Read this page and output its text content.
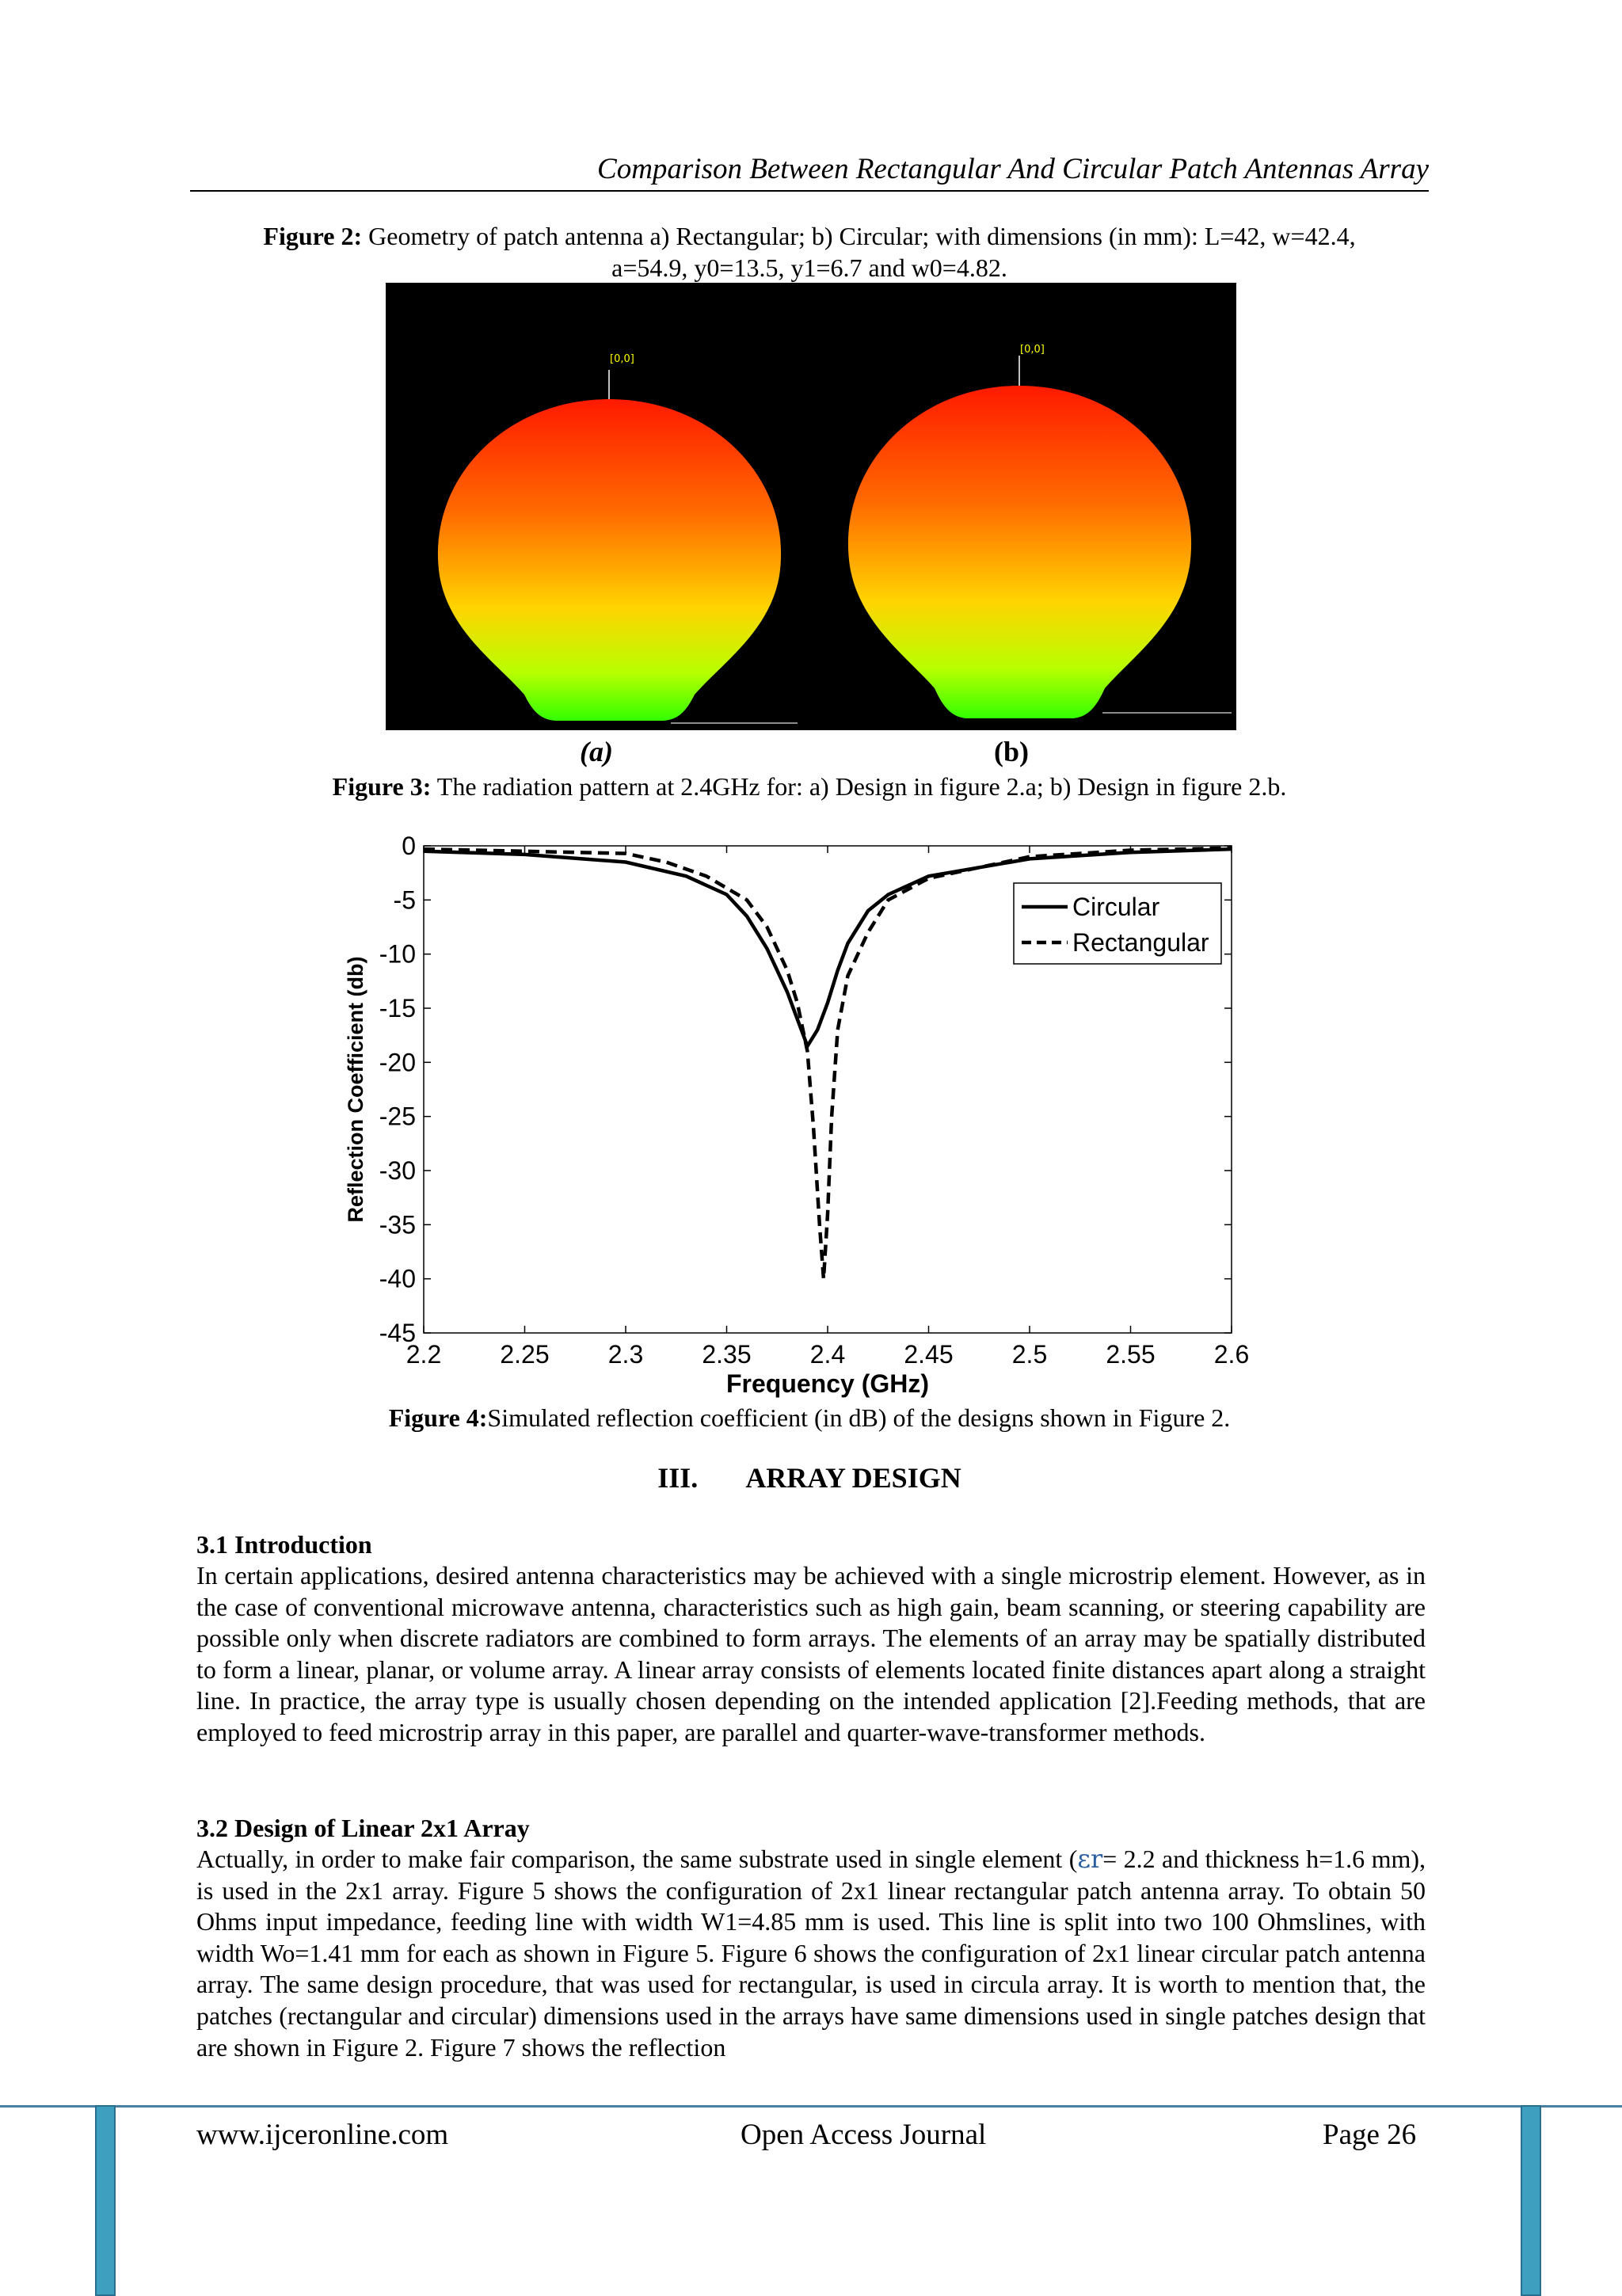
Comparison Between Rectangular And Circular Patch Antennas Array
Figure 2: Geometry of patch antenna a) Rectangular; b) Circular; with dimensions (in mm): L=42, w=42.4,
a=54.9, y0=13.5, y1=6.7 and w0=4.82.
[0,0]
[0,0]
(a)	(b)
Figure 3: The radiation pattern at 2.4GHz for: a) Design in figure 2.a; b) Design in figure 2.b.
2.2 2.25 2.3 2.35 2.4 2.45 2.5 2.55 2.6
0
-5
-10
-15
-20
-25
-30
-35
-40
-45
Frequency (GHz)
Reflection Coefficient (db)
Circular
Rectangular
Figure 4:Simulated reflection coefficient (in dB) of the designs shown in Figure 2.
III. ARRAY DESIGN
3.1 Introduction
In certain applications, desired antenna characteristics may be achieved with a single microstrip element. However, as in the case of conventional microwave antenna, characteristics such as high gain, beam scanning, or steering capability are possible only when discrete radiators are combined to form arrays. The elements of an array may be spatially distributed to form a linear, planar, or volume array. A linear array consists of elements located finite distances apart along a straight line. In practice, the array type is usually chosen depending on the intended application [2].Feeding methods, that are employed to feed microstrip array in this paper, are parallel and quarter-wave-transformer methods.
3.2 Design of Linear 2x1 Array
Actually, in order to make fair comparison, the same substrate used in single element (εr= 2.2 and thickness h=1.6 mm), is used in the 2x1 array. Figure 5 shows the configuration of 2x1 linear rectangular patch antenna array. To obtain 50 Ohms input impedance, feeding line with width W1=4.85 mm is used. This line is split into two 100 Ohmslines, with width Wo=1.41 mm for each as shown in Figure 5. Figure 6 shows the configuration of 2x1 linear circular patch antenna array. The same design procedure, that was used for rectangular, is used in circula array. It is worth to mention that, the patches (rectangular and circular) dimensions used in the arrays have same dimensions used in single patches design that are shown in Figure 2. Figure 7 shows the reflection
www.ijceronline.com	Open Access Journal	Page 26
